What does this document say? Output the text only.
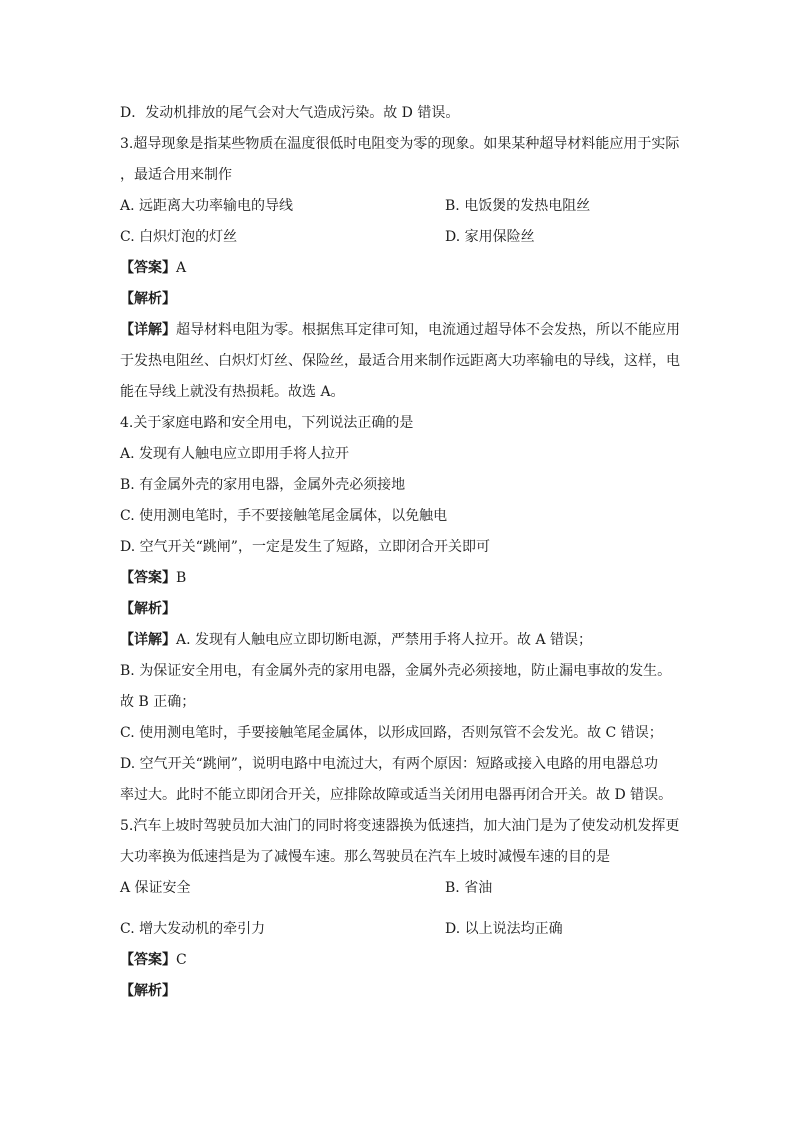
D．发动机排放的尾气会对大气造成污染。故 D 错误。
3.超导现象是指某些物质在温度很低时电阻变为零的现象。如果某种超导材料能应用于实际
，最适合用来制作
A. 远距离大功率输电的导线	B. 电饭煲的发热电阻丝
C. 白炽灯泡的灯丝	D. 家用保险丝
【答案】A
【解析】
【详解】超导材料电阻为零。根据焦耳定律可知，电流通过超导体不会发热，所以不能应用
于发热电阻丝、白炽灯灯丝、保险丝，最适合用来制作远距离大功率输电的导线，这样，电
能在导线上就没有热损耗。故选 A。
4.关于家庭电路和安全用电，下列说法正确的是
A. 发现有人触电应立即用手将人拉开
B. 有金属外壳的家用电器，金属外壳必须接地
C. 使用测电笔时，手不要接触笔尾金属体，以免触电
D. 空气开关“跳闸”，一定是发生了短路，立即闭合开关即可
【答案】B
【解析】
【详解】A. 发现有人触电应立即切断电源，严禁用手将人拉开。故 A 错误；
B. 为保证安全用电，有金属外壳的家用电器，金属外壳必须接地，防止漏电事故的发生。
故 B 正确；
C. 使用测电笔时，手要接触笔尾金属体，以形成回路，否则氖管不会发光。故 C 错误；
D. 空气开关“跳闸”，说明电路中电流过大，有两个原因：短路或接入电路的用电器总功
率过大。此时不能立即闭合开关，应排除故障或适当关闭用电器再闭合开关。故 D 错误。
5.汽车上坡时驾驶员加大油门的同时将变速器换为低速挡，加大油门是为了使发动机发挥更
大功率换为低速挡是为了减慢车速。那么驾驶员在汽车上坡时减慢车速的目的是
A 保证安全	B. 省油
C. 增大发动机的牵引力	D. 以上说法均正确
【答案】C
【解析】
